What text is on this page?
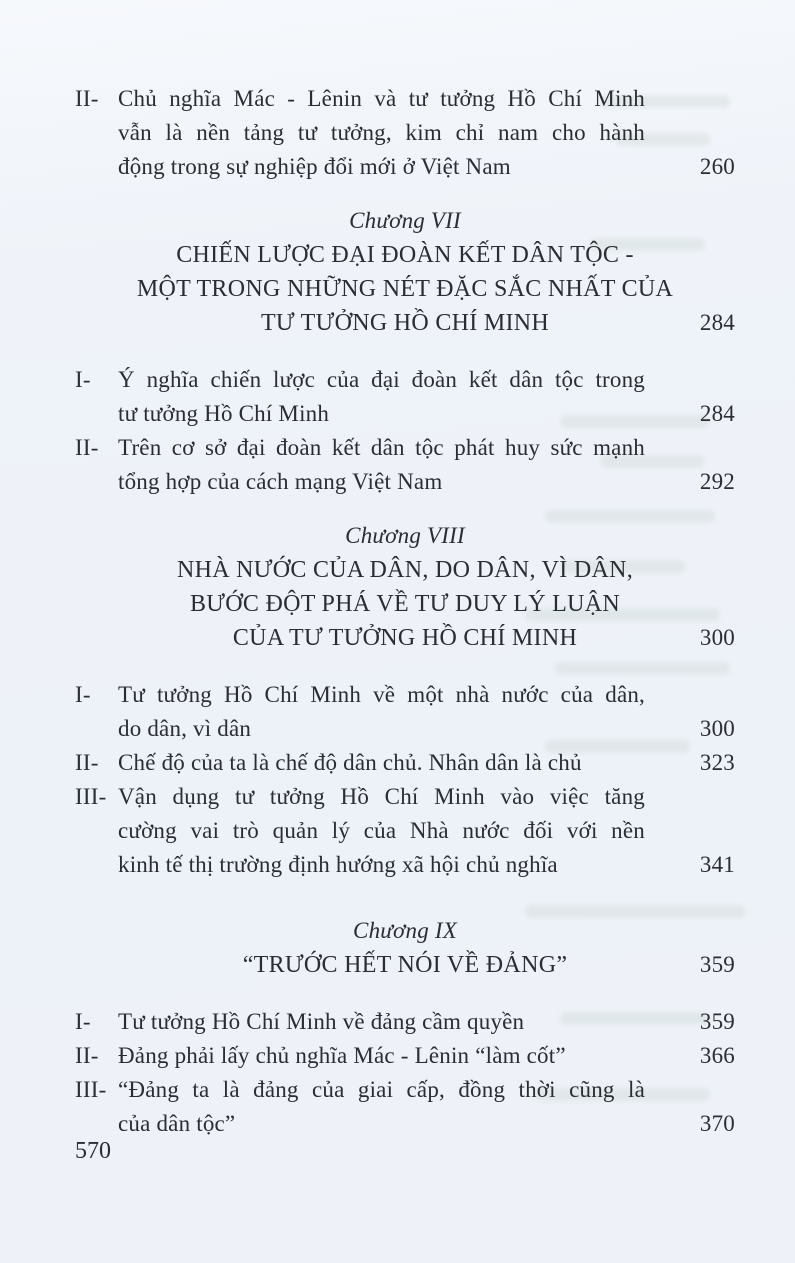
II- Chủ nghĩa Mác - Lênin và tư tưởng Hồ Chí Minh
vẫn là nền tảng tư tưởng, kim chỉ nam cho hành
động trong sự nghiệp đổi mới ở Việt Nam	260
Chương VII
CHIẾN LƯỢC ĐẠI ĐOÀN KẾT DÂN TỘC -
MỘT TRONG NHỮNG NÉT ĐẶC SẮC NHẤT CỦA
TƯ TƯỞNG HỒ CHÍ MINH	284
I-	Ý nghĩa chiến lược của đại đoàn kết dân tộc trong
tư tưởng Hồ Chí Minh	284
II- Trên cơ sở đại đoàn kết dân tộc phát huy sức mạnh
tổng hợp của cách mạng Việt Nam	292
Chương VIII
NHÀ NƯỚC CỦA DÂN, DO DÂN, VÌ DÂN,
BƯỚC ĐỘT PHÁ VỀ TƯ DUY LÝ LUẬN
CỦA TƯ TƯỞNG HỒ CHÍ MINH	300
I-	Tư tưởng Hồ Chí Minh về một nhà nước của dân,
do dân, vì dân	300
II- Chế độ của ta là chế độ dân chủ. Nhân dân là chủ	323
III- Vận dụng tư tưởng Hồ Chí Minh vào việc tăng
cường vai trò quản lý của Nhà nước đối với nền
kinh tế thị trường định hướng xã hội chủ nghĩa	341
Chương IX
“TRƯỚC HẾT NÓI VỀ ĐẢNG”	359
I-	Tư tưởng Hồ Chí Minh về đảng cầm quyền	359
II- Đảng phải lấy chủ nghĩa Mác - Lênin “làm cốt”	366
III- “Đảng ta là đảng của giai cấp, đồng thời cũng là
của dân tộc”	370
570
